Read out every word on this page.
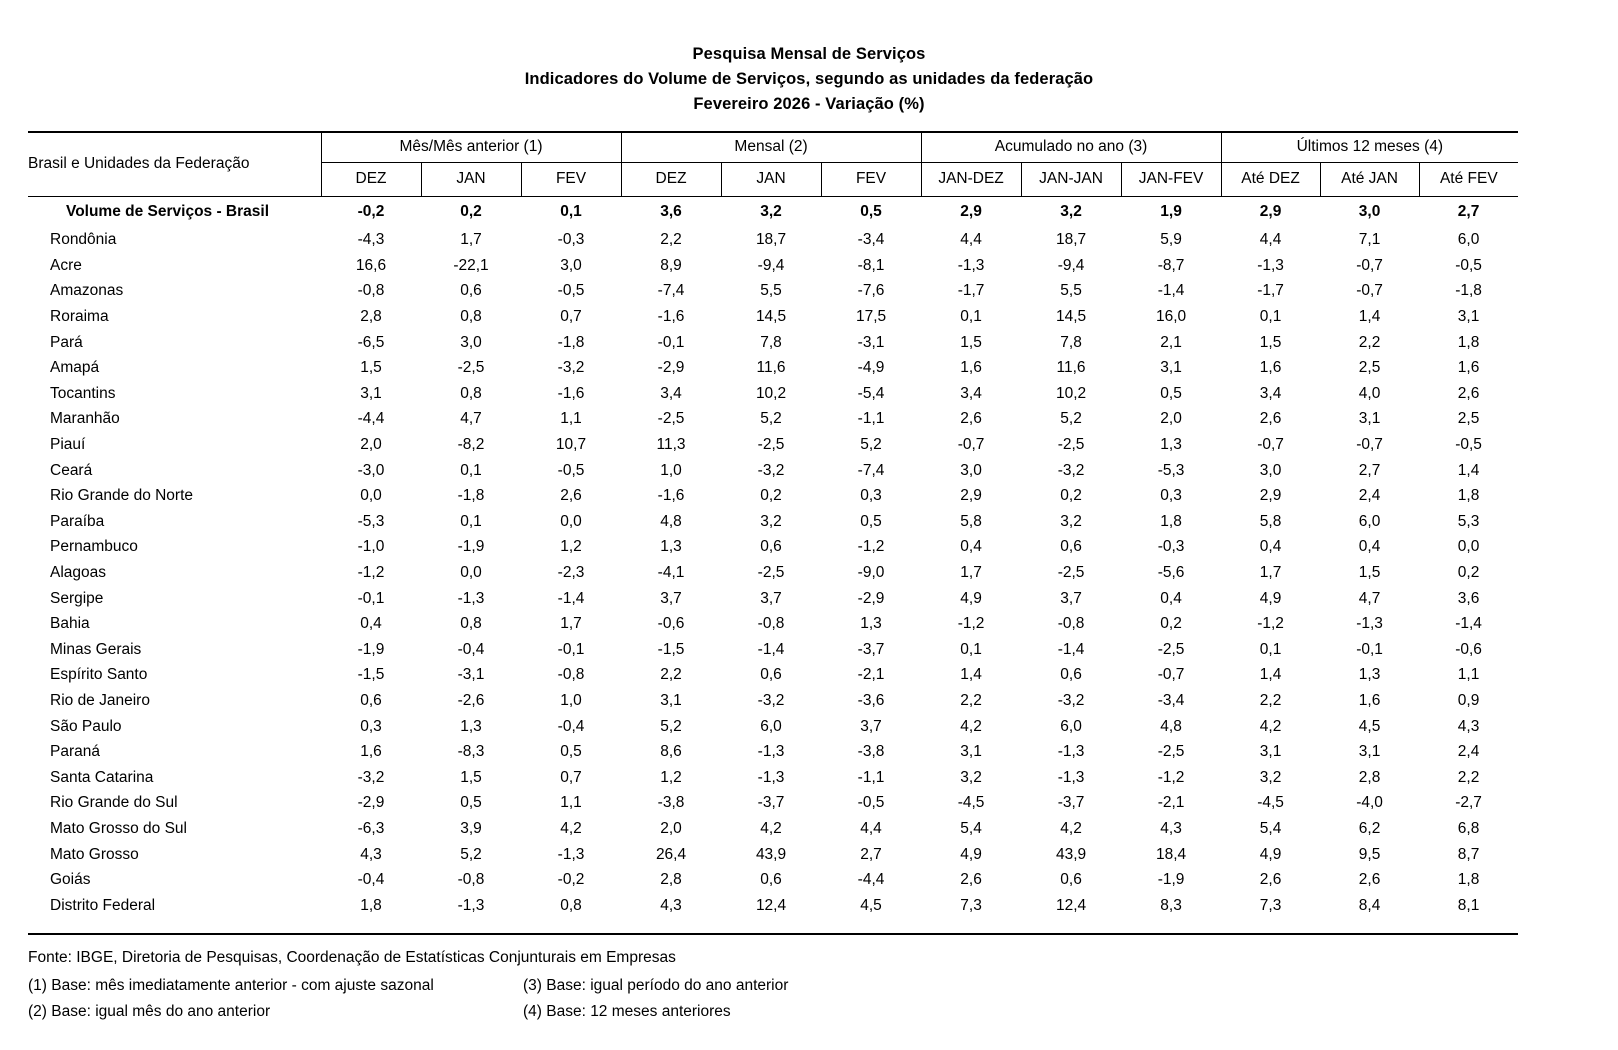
Pesquisa Mensal de Serviços
Indicadores do Volume de Serviços, segundo as unidades da federação
Fevereiro 2026 - Variação (%)
Brasil e Unidades da Federação	Mês/Mês anterior (1)			Mensal (2)			Acumulado no ano (3)			Últimos 12 meses (4)		
	DEZ	JAN	FEV	DEZ	JAN	FEV	JAN-DEZ	JAN-JAN	JAN-FEV	Até DEZ	Até JAN	Até FEV
Volume de Serviços - Brasil	-0,2	0,2	0,1	3,6	3,2	0,5	2,9	3,2	1,9	2,9	3,0	2,7
Rondônia	-4,3	1,7	-0,3	2,2	18,7	-3,4	4,4	18,7	5,9	4,4	7,1	6,0
Acre	16,6	-22,1	3,0	8,9	-9,4	-8,1	-1,3	-9,4	-8,7	-1,3	-0,7	-0,5
Amazonas	-0,8	0,6	-0,5	-7,4	5,5	-7,6	-1,7	5,5	-1,4	-1,7	-0,7	-1,8
Roraima	2,8	0,8	0,7	-1,6	14,5	17,5	0,1	14,5	16,0	0,1	1,4	3,1
Pará	-6,5	3,0	-1,8	-0,1	7,8	-3,1	1,5	7,8	2,1	1,5	2,2	1,8
Amapá	1,5	-2,5	-3,2	-2,9	11,6	-4,9	1,6	11,6	3,1	1,6	2,5	1,6
Tocantins	3,1	0,8	-1,6	3,4	10,2	-5,4	3,4	10,2	0,5	3,4	4,0	2,6
Maranhão	-4,4	4,7	1,1	-2,5	5,2	-1,1	2,6	5,2	2,0	2,6	3,1	2,5
Piauí	2,0	-8,2	10,7	11,3	-2,5	5,2	-0,7	-2,5	1,3	-0,7	-0,7	-0,5
Ceará	-3,0	0,1	-0,5	1,0	-3,2	-7,4	3,0	-3,2	-5,3	3,0	2,7	1,4
Rio Grande do Norte	0,0	-1,8	2,6	-1,6	0,2	0,3	2,9	0,2	0,3	2,9	2,4	1,8
Paraíba	-5,3	0,1	0,0	4,8	3,2	0,5	5,8	3,2	1,8	5,8	6,0	5,3
Pernambuco	-1,0	-1,9	1,2	1,3	0,6	-1,2	0,4	0,6	-0,3	0,4	0,4	0,0
Alagoas	-1,2	0,0	-2,3	-4,1	-2,5	-9,0	1,7	-2,5	-5,6	1,7	1,5	0,2
Sergipe	-0,1	-1,3	-1,4	3,7	3,7	-2,9	4,9	3,7	0,4	4,9	4,7	3,6
Bahia	0,4	0,8	1,7	-0,6	-0,8	1,3	-1,2	-0,8	0,2	-1,2	-1,3	-1,4
Minas Gerais	-1,9	-0,4	-0,1	-1,5	-1,4	-3,7	0,1	-1,4	-2,5	0,1	-0,1	-0,6
Espírito Santo	-1,5	-3,1	-0,8	2,2	0,6	-2,1	1,4	0,6	-0,7	1,4	1,3	1,1
Rio de Janeiro	0,6	-2,6	1,0	3,1	-3,2	-3,6	2,2	-3,2	-3,4	2,2	1,6	0,9
São Paulo	0,3	1,3	-0,4	5,2	6,0	3,7	4,2	6,0	4,8	4,2	4,5	4,3
Paraná	1,6	-8,3	0,5	8,6	-1,3	-3,8	3,1	-1,3	-2,5	3,1	3,1	2,4
Santa Catarina	-3,2	1,5	0,7	1,2	-1,3	-1,1	3,2	-1,3	-1,2	3,2	2,8	2,2
Rio Grande do Sul	-2,9	0,5	1,1	-3,8	-3,7	-0,5	-4,5	-3,7	-2,1	-4,5	-4,0	-2,7
Mato Grosso do Sul	-6,3	3,9	4,2	2,0	4,2	4,4	5,4	4,2	4,3	5,4	6,2	6,8
Mato Grosso	4,3	5,2	-1,3	26,4	43,9	2,7	4,9	43,9	18,4	4,9	9,5	8,7
Goiás	-0,4	-0,8	-0,2	2,8	0,6	-4,4	2,6	0,6	-1,9	2,6	2,6	1,8
Distrito Federal	1,8	-1,3	0,8	4,3	12,4	4,5	7,3	12,4	8,3	7,3	8,4	8,1
Fonte: IBGE, Diretoria de Pesquisas, Coordenação de Estatísticas Conjunturais em Empresas
(1) Base: mês imediatamente anterior - com ajuste sazonal	(3) Base: igual período do ano anterior
(2) Base: igual mês do ano anterior	(4) Base: 12 meses anteriores
